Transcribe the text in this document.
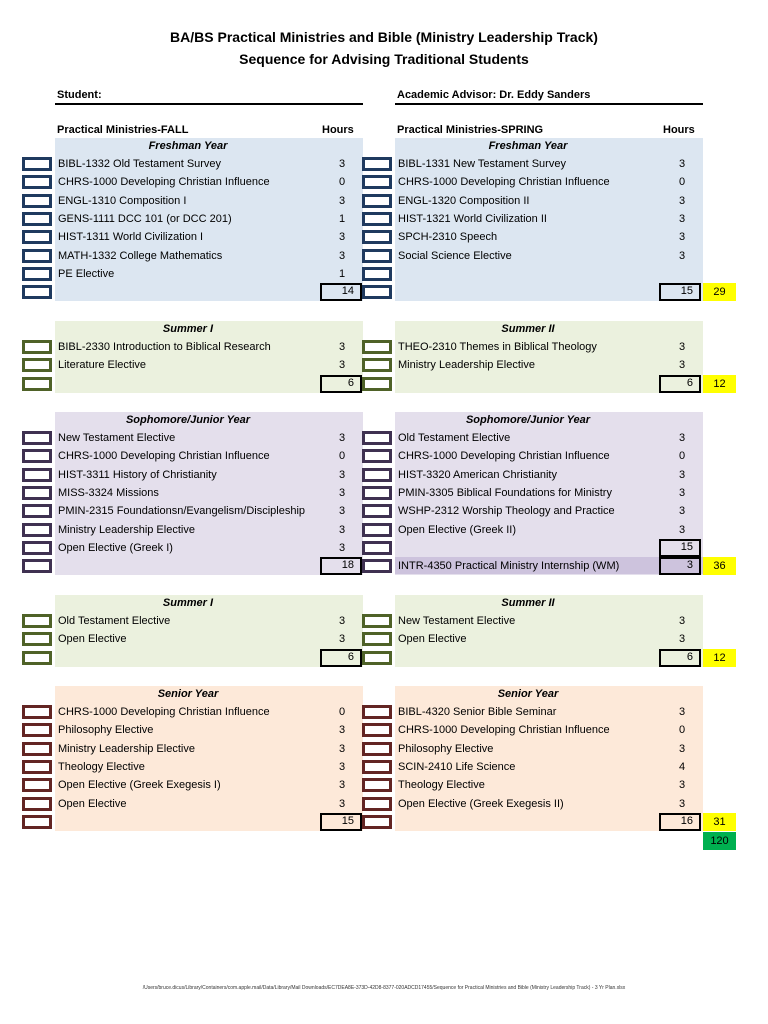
BA/BS Practical Ministries and Bible (Ministry Leadership Track)
Sequence for Advising Traditional Students
Student:	Academic Advisor: Dr. Eddy Sanders
Practical Ministries-FALL	Hours	Practical Ministries-SPRING	Hours
Freshman Year
BIBL-1332 Old Testament Survey	3
CHRS-1000 Developing Christian Influence	0
ENGL-1310 Composition I	3
GENS-1111 DCC 101 (or DCC 201)	1
HIST-1311 World Civilization I	3
MATH-1332 College Mathematics	3
PE Elective	1
14
Freshman Year
BIBL-1331 New Testament Survey	3
CHRS-1000 Developing Christian Influence	0
ENGL-1320 Composition II	3
HIST-1321 World Civilization II	3
SPCH-2310 Speech	3
Social Science Elective	3
15	29
Summer I
BIBL-2330 Introduction to Biblical Research	3
Literature Elective	3
6
Summer II
THEO-2310 Themes in Biblical Theology	3
Ministry Leadership Elective	3
6	12
Sophomore/Junior Year
New Testament Elective	3
CHRS-1000 Developing Christian Influence	0
HIST-3311 History of Christianity	3
MISS-3324 Missions	3
PMIN-2315 Foundationsn/Evangelism/Discipleship	3
Ministry Leadership Elective	3
Open Elective (Greek I)	3
18
Sophomore/Junior Year
Old Testament Elective	3
CHRS-1000 Developing Christian Influence	0
HIST-3320 American Christianity	3
PMIN-3305 Biblical Foundations for Ministry	3
WSHP-2312 Worship Theology and Practice	3
Open Elective (Greek II)	3
15
INTR-4350 Practical Ministry Internship (WM)	3	36
Summer I
Old Testament Elective	3
Open Elective	3
6
Summer II
New Testament Elective	3
Open Elective	3
6	12
Senior Year
CHRS-1000 Developing Christian Influence	0
Philosophy Elective	3
Ministry Leadership Elective	3
Theology Elective	3
Open Elective (Greek Exegesis I)	3
Open Elective	3
15
Senior Year
BIBL-4320 Senior Bible Seminar	3
CHRS-1000 Developing Christian Influence	0
Philosophy Elective	3
SCIN-2410 Life Science	4
Theology Elective	3
Open Elective (Greek Exegesis II)	3
16	31
120
/Users/bruce.dicus/Library/Containers/com.apple.mail/Data/Library/Mail Downloads/EC7DEA8E-373D-42D8-8377-020ADCD17455/Sequence for Practical Ministries and Bible (Ministry Leadership Track) - 3 Yr Plan.xlsx
